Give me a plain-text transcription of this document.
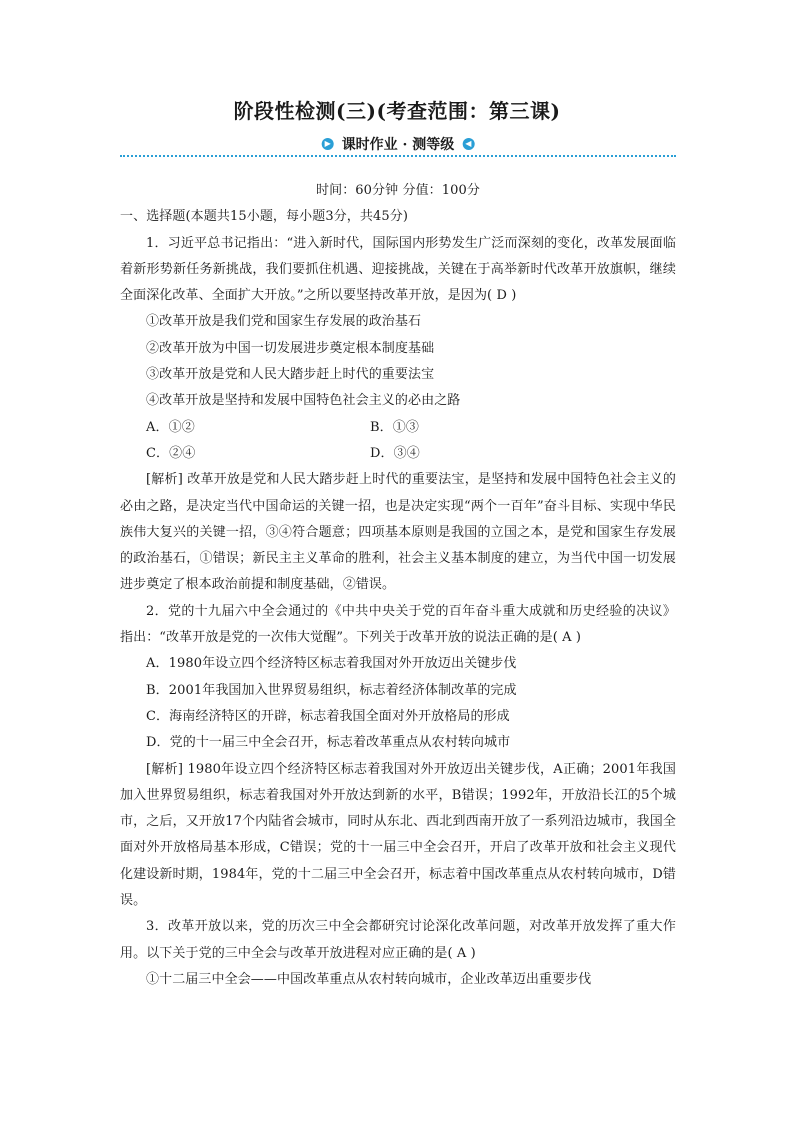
阶段性检测(三)(考查范围：第三课)
▶ 课时作业 · 测等级	◀

时间：60分钟 分值：100分

一、选择题(本题共15小题，每小题3分，共45分)

1．习近平总书记指出：“进入新时代，国际国内形势发生广泛而深刻的变化，改革发展面临着新形势新任务新挑战，我们要抓住机遇、迎接挑战，关键在于高举新时代改革开放旗帜，继续全面深化改革、全面扩大开放。”之所以要坚持改革开放，是因为( D )

①改革开放是我们党和国家生存发展的政治基石

②改革开放为中国一切发展进步奠定根本制度基础

③改革开放是党和人民大踏步赶上时代的重要法宝

④改革开放是坚持和发展中国特色社会主义的必由之路

A．①②	B．①③
C．②④	D．③④

[解析] 改革开放是党和人民大踏步赶上时代的重要法宝，是坚持和发展中国特色社会主义的必由之路，是决定当代中国命运的关键一招，也是决定实现“两个一百年”奋斗目标、实现中华民族伟大复兴的关键一招，③④符合题意；四项基本原则是我国的立国之本，是党和国家生存发展的政治基石，①错误；新民主主义革命的胜利，社会主义基本制度的建立，为当代中国一切发展进步奠定了根本政治前提和制度基础，②错误。

2．党的十九届六中全会通过的《中共中央关于党的百年奋斗重大成就和历史经验的决议》指出：“改革开放是党的一次伟大觉醒”。下列关于改革开放的说法正确的是( A )

A．1980年设立四个经济特区标志着我国对外开放迈出关键步伐

B．2001年我国加入世界贸易组织，标志着经济体制改革的完成

C．海南经济特区的开辟，标志着我国全面对外开放格局的形成

D．党的十一届三中全会召开，标志着改革重点从农村转向城市

[解析] 1980年设立四个经济特区标志着我国对外开放迈出关键步伐，A正确；2001年我国加入世界贸易组织，标志着我国对外开放达到新的水平，B错误；1992年，开放沿长江的5个城市，之后，又开放17个内陆省会城市，同时从东北、西北到西南开放了一系列沿边城市，我国全面对外开放格局基本形成，C错误；党的十一届三中全会召开，开启了改革开放和社会主义现代化建设新时期，1984年，党的十二届三中全会召开，标志着中国改革重点从农村转向城市，D错误。

3．改革开放以来，党的历次三中全会都研究讨论深化改革问题，对改革开放发挥了重大作用。以下关于党的三中全会与改革开放进程对应正确的是( A )

①十二届三中全会——中国改革重点从农村转向城市，企业改革迈出重要步伐
